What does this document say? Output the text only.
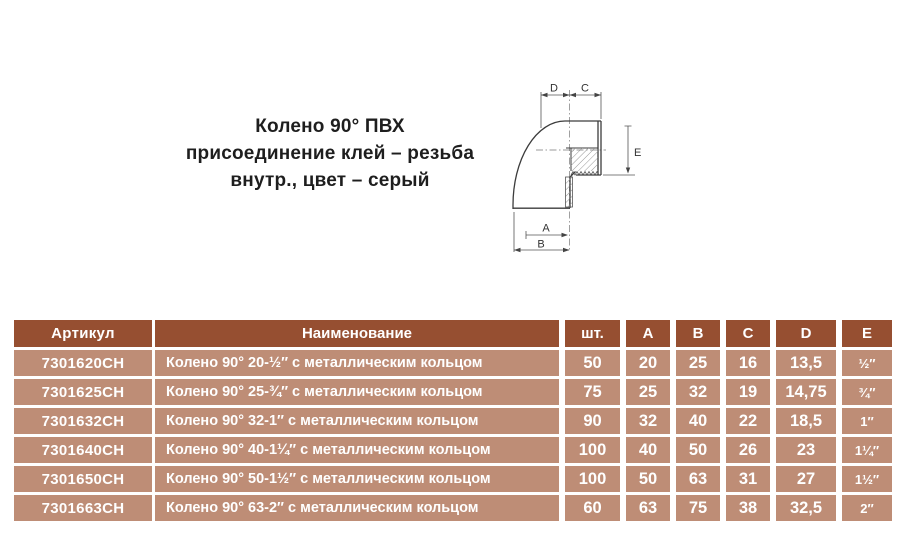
Колено 90° ПВХ
присоединение клей – резьба
внутр., цвет – серый
D C
E
A
B
Артикул	Наименование	шт.	A	B	C	D	E
7301620CH	Колено 90° 20-½″ с металлическим кольцом	50	20	25	16	13,5	½″
7301625CH	Колено 90° 25-¾″ с металлическим кольцом	75	25	32	19	14,75	¾″
7301632CH	Колено 90° 32-1″ с металлическим кольцом	90	32	40	22	18,5	1″
7301640CH	Колено 90° 40-1¼″ с металлическим кольцом	100	40	50	26	23	1¼″
7301650CH	Колено 90° 50-1½″ с металлическим кольцом	100	50	63	31	27	1½″
7301663CH	Колено 90° 63-2″ с металлическим кольцом	60	63	75	38	32,5	2″
